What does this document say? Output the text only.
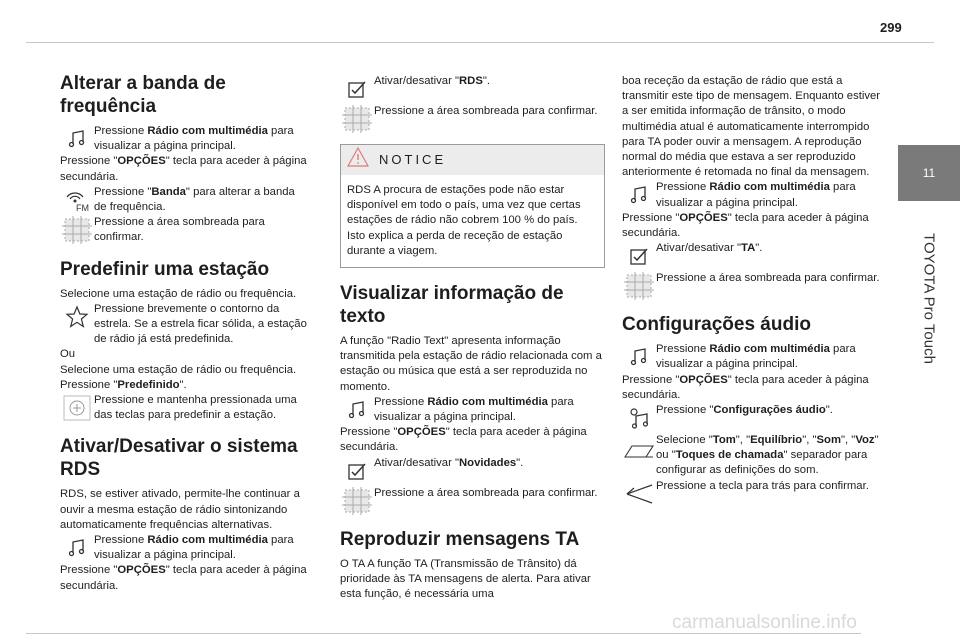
299
11
TOYOTA Pro Touch
Alterar a banda de frequência

Pressione Rádio com multimédia para visualizar a página principal.

Pressione "OPÇÕES" tecla para aceder à página secundária.

FM

Pressione "Banda" para alterar a banda de frequência.

Pressione a área sombreada para confirmar.

Predefinir uma estação

Selecione uma estação de rádio ou frequência.

Pressione brevemente o contorno da estrela. Se a estrela ficar sólida, a estação de rádio já está predefinida.

Ou

Selecione uma estação de rádio ou frequência.

Pressione "Predefinido".

Pressione e mantenha pressionada uma das teclas para predefinir a estação.

Ativar/Desativar o sistema RDS

RDS, se estiver ativado, permite-lhe continuar a ouvir a mesma estação de rádio sintonizando automaticamente frequências alternativas.

Pressione Rádio com multimédia para visualizar a página principal.

Pressione "OPÇÕES" tecla para aceder à página secundária.

Ativar/desativar "RDS".

Pressione a área sombreada para confirmar.

NOTICE

RDS A procura de estações pode não estar disponível em todo o país, uma vez que certas estações de rádio não cobrem 100 % do país. Isto explica a perda de receção de estação durante a viagem.

Visualizar informação de texto

A função "Radio Text" apresenta informação transmitida pela estação de rádio relacionada com a estação ou música que está a ser reproduzida no momento.

Pressione Rádio com multimédia para visualizar a página principal.

Pressione "OPÇÕES" tecla para aceder à página secundária.

Ativar/desativar "Novidades".

Pressione a área sombreada para confirmar.

Reproduzir mensagens TA

O TA A função TA (Transmissão de Trânsito) dá prioridade às TA mensagens de alerta. Para ativar esta função, é necessária uma

boa receção da estação de rádio que está a transmitir este tipo de mensagem. Enquanto estiver a ser emitida informação de trânsito, o modo multimédia atual é automaticamente interrompido para TA poder ouvir a mensagem. A reprodução normal do média que estava a ser reproduzido anteriormente é retomada no final da mensagem.

Pressione Rádio com multimédia para visualizar a página principal.

Pressione "OPÇÕES" tecla para aceder à página secundária.

Ativar/desativar "TA".

Pressione a área sombreada para confirmar.

Configurações áudio

Pressione Rádio com multimédia para visualizar a página principal.

Pressione "OPÇÕES" tecla para aceder à página secundária.

Pressione "Configurações áudio".

Selecione "Tom", "Equilíbrio", "Som", "Voz" ou "Toques de chamada" separador para configurar as definições do som.

Pressione a tecla para trás para confirmar.

carmanualsonline.info
